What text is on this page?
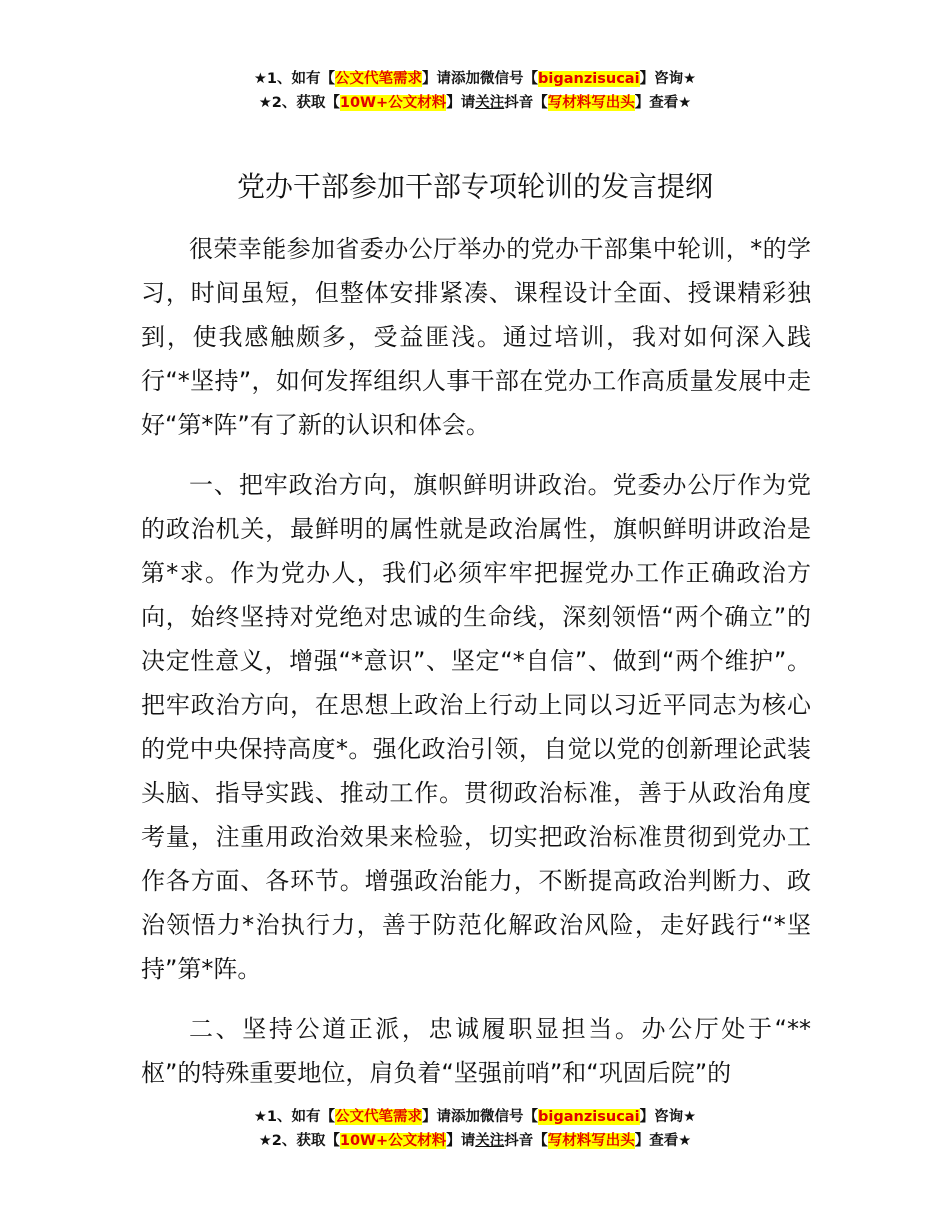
★1、如有【公文代笔需求】请添加微信号【biganzisucai】咨询★
★2、获取【10W+公文材料】请关注抖音【写材料写出头】查看★
党办干部参加干部专项轮训的发言提纲

很荣幸能参加省委办公厅举办的党办干部集中轮训，*的学习，时间虽短，但整体安排紧凑、课程设计全面、授课精彩独到，使我感触颇多，受益匪浅。通过培训，我对如何深入践行“*坚持”，如何发挥组织人事干部在党办工作高质量发展中走好“第*阵”有了新的认识和体会。

一、把牢政治方向，旗帜鲜明讲政治。党委办公厅作为党的政治机关，最鲜明的属性就是政治属性，旗帜鲜明讲政治是第*求。作为党办人，我们必须牢牢把握党办工作正确政治方向，始终坚持对党绝对忠诚的生命线，深刻领悟“两个确立”的决定性意义，增强“*意识”、坚定“*自信”、做到“两个维护”。把牢政治方向，在思想上政治上行动上同以习近平同志为核心的党中央保持高度*。强化政治引领，自觉以党的创新理论武装头脑、指导实践、推动工作。贯彻政治标准，善于从政治角度考量，注重用政治效果来检验，切实把政治标准贯彻到党办工作各方面、各环节。增强政治能力，不断提高政治判断力、政治领悟力*治执行力，善于防范化解政治风险，走好践行“*坚持”第*阵。

二、坚持公道正派，忠诚履职显担当。办公厅处于“**枢”的特殊重要地位，肩负着“坚强前哨”和“巩固后院”的

★1、如有【公文代笔需求】请添加微信号【biganzisucai】咨询★
★2、获取【10W+公文材料】请关注抖音【写材料写出头】查看★
